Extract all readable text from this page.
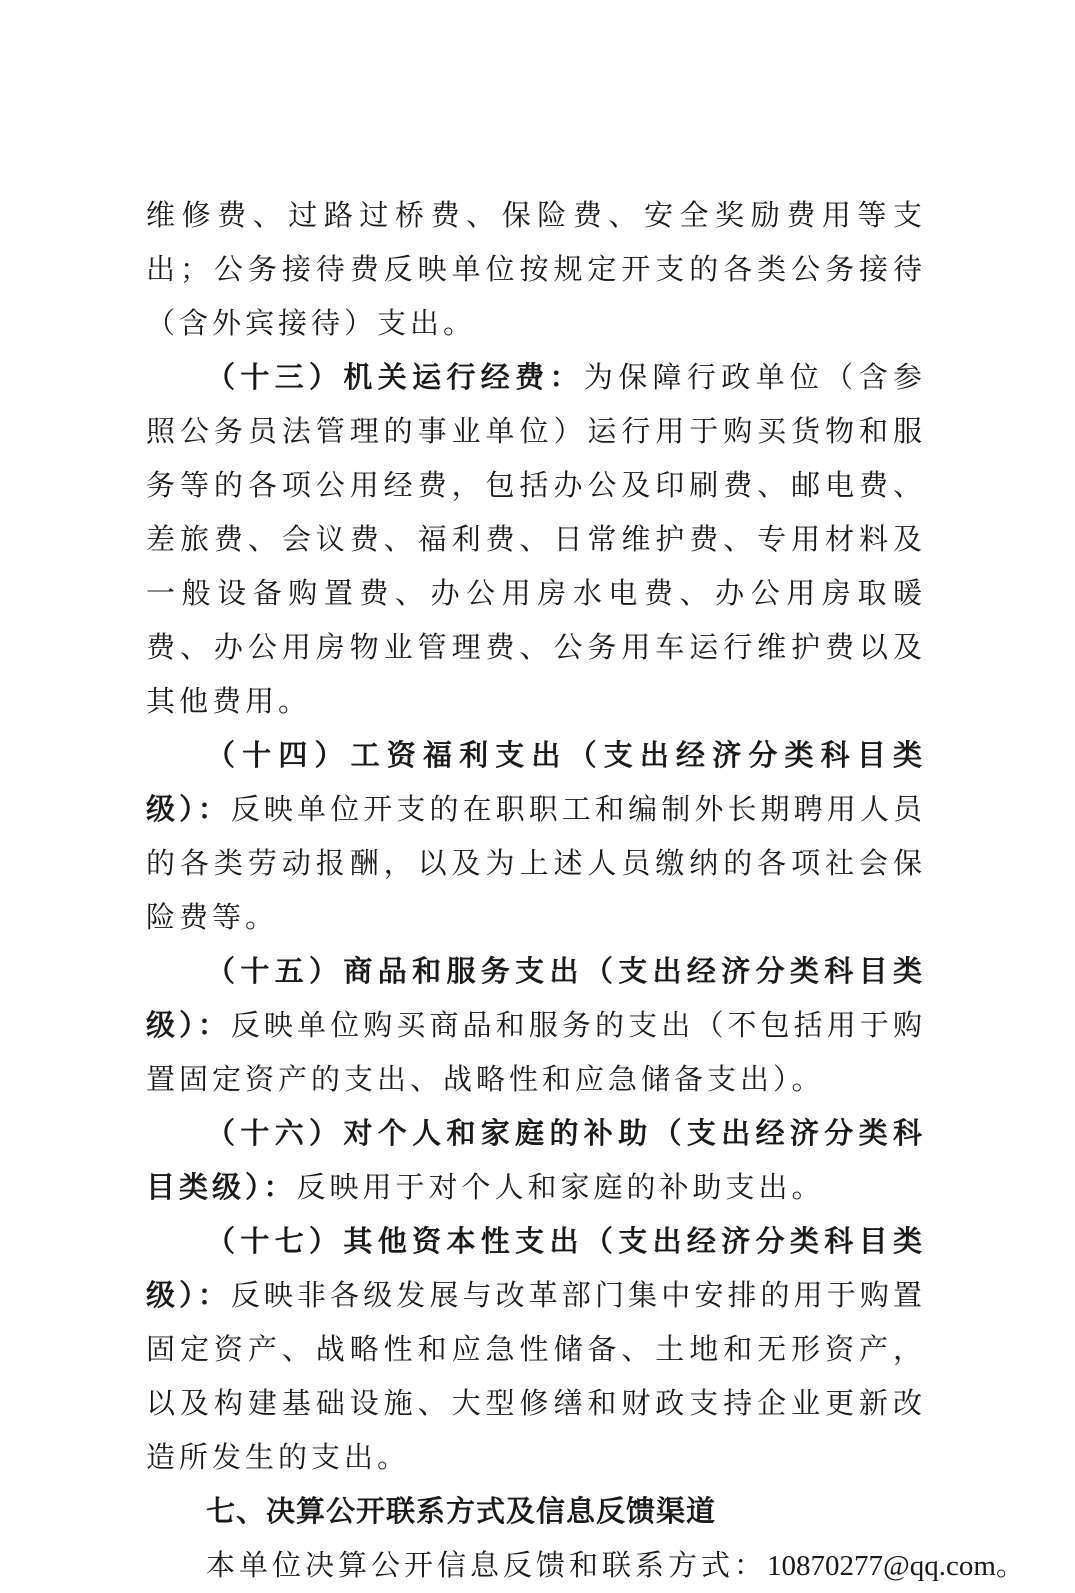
维修费、过路过桥费、保险费、安全奖励费用等支出；公务接待费反映单位按规定开支的各类公务接待（含外宾接待）支出。

（十三）机关运行经费：为保障行政单位（含参照公务员法管理的事业单位）运行用于购买货物和服务等的各项公用经费，包括办公及印刷费、邮电费、差旅费、会议费、福利费、日常维护费、专用材料及一般设备购置费、办公用房水电费、办公用房取暖费、办公用房物业管理费、公务用车运行维护费以及其他费用。

（十四）工资福利支出（支出经济分类科目类级）：反映单位开支的在职职工和编制外长期聘用人员的各类劳动报酬，以及为上述人员缴纳的各项社会保险费等。

（十五）商品和服务支出（支出经济分类科目类级）：反映单位购买商品和服务的支出（不包括用于购置固定资产的支出、战略性和应急储备支出）。

（十六）对个人和家庭的补助（支出经济分类科目类级）：反映用于对个人和家庭的补助支出。

（十七）其他资本性支出（支出经济分类科目类级）：反映非各级发展与改革部门集中安排的用于购置固定资产、战略性和应急性储备、土地和无形资产，以及构建基础设施、大型修缮和财政支持企业更新改造所发生的支出。

七、决算公开联系方式及信息反馈渠道

本单位决算公开信息反馈和联系方式：10870277@qq.com。
